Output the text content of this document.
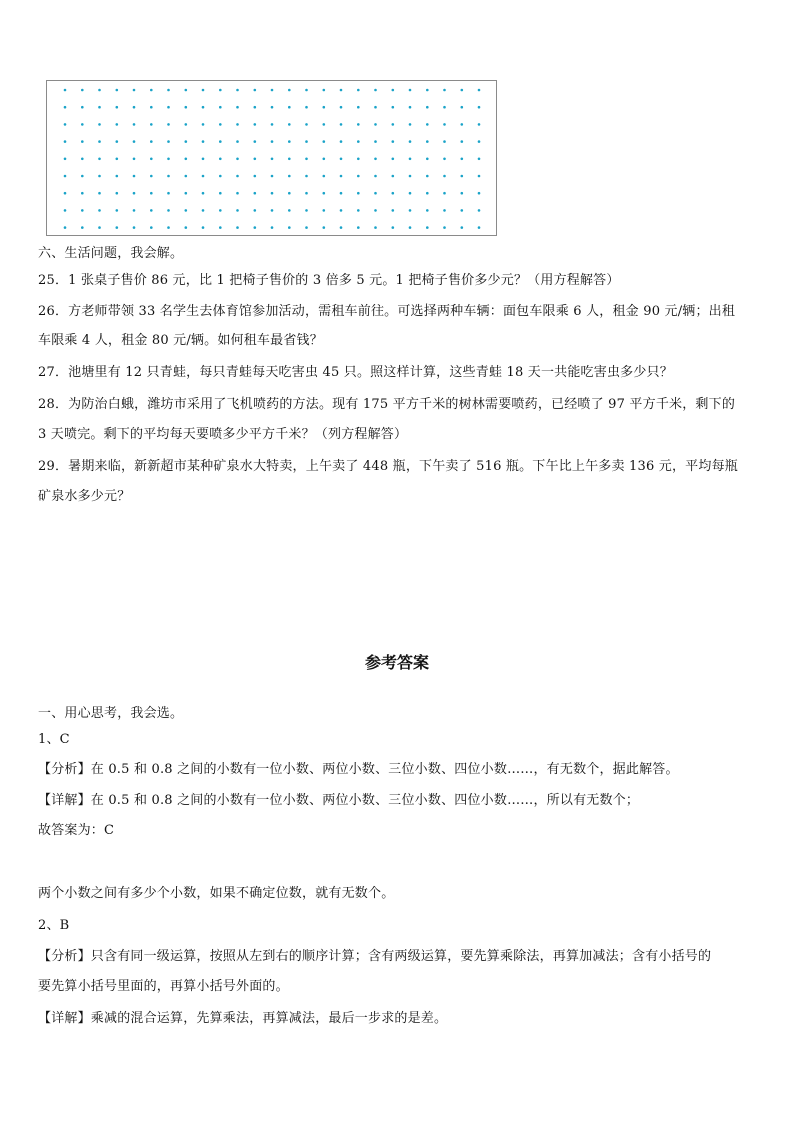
六、生活问题，我会解。
25．1 张桌子售价 86 元，比 1 把椅子售价的 3 倍多 5 元。1 把椅子售价多少元？（用方程解答）
26．方老师带领 33 名学生去体育馆参加活动，需租车前往。可选择两种车辆：面包车限乘 6 人，租金 90 元/辆；出租
车限乘 4 人，租金 80 元/辆。如何租车最省钱？
27．池塘里有 12 只青蛙，每只青蛙每天吃害虫 45 只。照这样计算，这些青蛙 18 天一共能吃害虫多少只？
28．为防治白蛾，潍坊市采用了飞机喷药的方法。现有 175 平方千米的树林需要喷药，已经喷了 97 平方千米，剩下的
3 天喷完。剩下的平均每天要喷多少平方千米？（列方程解答）
29．暑期来临，新新超市某种矿泉水大特卖，上午卖了 448 瓶，下午卖了 516 瓶。下午比上午多卖 136 元，平均每瓶
矿泉水多少元？
参考答案
一、用心思考，我会选。
1、C
【分析】在 0.5 和 0.8 之间的小数有一位小数、两位小数、三位小数、四位小数……，有无数个，据此解答。
【详解】在 0.5 和 0.8 之间的小数有一位小数、两位小数、三位小数、四位小数……，所以有无数个；
故答案为：C
两个小数之间有多少个小数，如果不确定位数，就有无数个。
2、B
【分析】只含有同一级运算，按照从左到右的顺序计算；含有两级运算，要先算乘除法，再算加减法；含有小括号的
要先算小括号里面的，再算小括号外面的。
【详解】乘减的混合运算，先算乘法，再算减法，最后一步求的是差。
